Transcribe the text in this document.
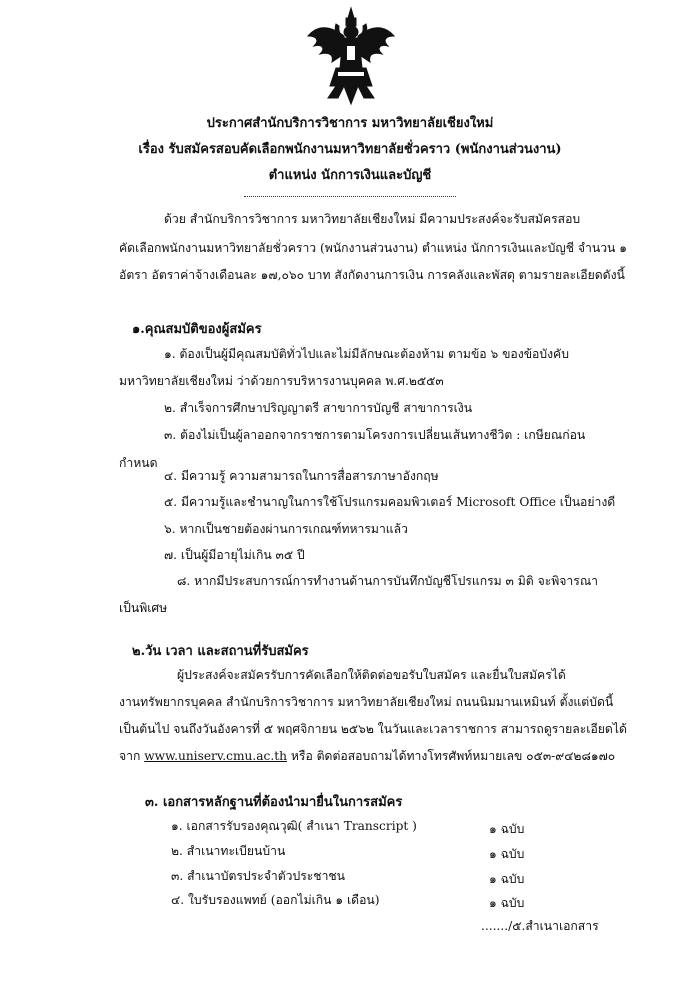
ประกาศสำนักบริการวิชาการ มหาวิทยาลัยเชียงใหม่
เรื่อง รับสมัครสอบคัดเลือกพนักงานมหาวิทยาลัยชั่วคราว (พนักงานส่วนงาน)
ตำแหน่ง นักการเงินและบัญชี
ด้วย สำนักบริการวิชาการ มหาวิทยาลัยเชียงใหม่ มีความประสงค์จะรับสมัครสอบ
คัดเลือกพนักงานมหาวิทยาลัยชั่วคราว (พนักงานส่วนงาน) ตำแหน่ง นักการเงินและบัญชี จำนวน ๑
อัตรา อัตราค่าจ้างเดือนละ ๑๗,๐๖๐ บาท สังกัดงานการเงิน การคลังและพัสดุ ตามรายละเอียดดังนี้
๑.คุณสมบัติของผู้สมัคร
๑. ต้องเป็นผู้มีคุณสมบัติทั่วไปและไม่มีลักษณะต้องห้าม ตามข้อ ๖ ของข้อบังคับ
มหาวิทยาลัยเชียงใหม่ ว่าด้วยการบริหารงานบุคคล พ.ศ.๒๕๕๓
๒. สำเร็จการศึกษาปริญญาตรี สาขาการบัญชี สาขาการเงิน
๓. ต้องไม่เป็นผู้ลาออกจากราชการตามโครงการเปลี่ยนเส้นทางชีวิต : เกษียณก่อน
กำหนด
๔. มีความรู้ ความสามารถในการสื่อสารภาษาอังกฤษ
๕. มีความรู้และชำนาญในการใช้โปรแกรมคอมพิวเตอร์ Microsoft Office เป็นอย่างดี
๖. หากเป็นชายต้องผ่านการเกณฑ์ทหารมาแล้ว
๗. เป็นผู้มีอายุไม่เกิน ๓๕ ปี
๘. หากมีประสบการณ์การทำงานด้านการบันทึกบัญชีโปรแกรม ๓ มิติ จะพิจารณา
เป็นพิเศษ
๒.วัน เวลา และสถานที่รับสมัคร
ผู้ประสงค์จะสมัครรับการคัดเลือกให้ติดต่อขอรับใบสมัคร และยื่นใบสมัครได้
งานทรัพยากรบุคคล สำนักบริการวิชาการ มหาวิทยาลัยเชียงใหม่ ถนนนิมมานเหมินท์ ตั้งแต่บัดนี้
เป็นต้นไป จนถึงวันอังคารที่ ๕ พฤศจิกายน ๒๕๖๒ ในวันและเวลาราชการ สามารถดูรายละเอียดได้
จาก www.uniserv.cmu.ac.th หรือ ติดต่อสอบถามได้ทางโทรศัพท์หมายเลข ๐๕๓-๙๔๒๘๑๗๐
๓. เอกสารหลักฐานที่ต้องนำมายื่นในการสมัคร
๑. เอกสารรับรองคุณวุฒิ( สำเนา Transcript )	๑ ฉบับ
๒. สำเนาทะเบียนบ้าน	๑ ฉบับ
๓. สำเนาบัตรประจำตัวประชาชน	๑ ฉบับ
๔. ใบรับรองแพทย์ (ออกไม่เกิน ๑ เดือน)	๑ ฉบับ
......./๕.สำเนาเอกสาร
